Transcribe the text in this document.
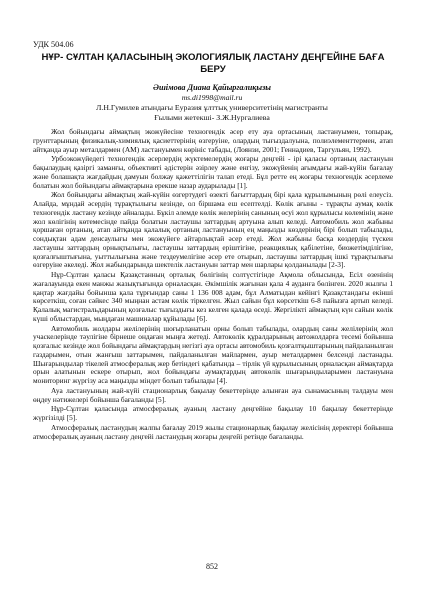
УДК 504.06
НҰР- СҰЛТАН ҚАЛАСЫНЫҢ ЭКОЛОГИЯЛЫҚ ЛАСТАНУ ДЕҢГЕЙІНЕ БАҒА БЕРУ
Әшімова Диана Қайыргалиқызы
ms.di1998@mail.ru
Л.Н.Гумилев атындағы Еуразия ұлттық университетінің магистранты
Ғылыми жетекші- З.Ж.Нургалиева

Жол бойындағы аймақтың экожүйесіне техногендік әсер ету ауа ортасының ластануымен, топырақ, грунттарының физикалық-химиялық қасиеттерінің өзгеруіне, олардың тығыздалуына, полиэлементтермен, атап айтқанда ауыр металдармен (АМ) ластануымен көрініс табады, (Лоянзи, 2001; Геннадиев, Таргульян, 1992).

Урбоэкожүйедегі техногендік әсерлердің жүктемелердің жоғары деңгейі - ірі қаласы ортаның ластануын бақылаудың қазіргі заманғы, объективті әдістерін әзірлеу және енгізу, экожүйенің ағымдағы жай-күйін бағалау және болашақта жағдайдың дамуын болжау қажеттілігін талап етеді. Бұл ретте ең жоғары техногендік әсерлеме болатын жол бойындағы аймақтарына ерекше назар аударылады [1].

Жол бойындағы аймақтың жай-күйін өзгертудегі өзекті бағыттардың бірі қала құрылымының рөлі елеусіз. Алайда, мұндай әсердің тұрақтылығы кезінде, ол біршама еш есептелді. Көлік ағыны - тұрақты аумақ көлік техногендік ластану кезінде айналады. Бұкіл әлемде көлік желерінің санының өсуі жол құрылысы көлемінің және жол көлігінің көтемесінде пайда болатын ластаушы заттардың артуына алып келеді. Автомобиль жол жабыны қоршаған ортаның, атап айтқанда қалалық ортаның ластануының ең маңызды көздерінің бірі болып табылады, сондықтан адам денсаулығы мен экожүйеге айтарлықтай әсер етеді. Жол жабыны басқа көздердің түскен ластаушы заттардың орнықтылығы, ластаушы заттардың еріштігіне, реакциялық қабілетіне, биожетімділігіне, қозғалғыштығына, уыттылығына және тездеумелігіне әсер ете отырып, ластаушы заттардың ішкі тұрақтылығы өзгеруіне әкеледі. Жол жабындарында шектелік ластануын заттар мен шарлары қолданылады [2-3].

Нұр-Сұлтан қаласы Қазақстанның орталық бөлігінің солтүстігінде Ақмола облысында, Есіл өзенінің жағалауында екен манжы жазықтығында орналасқан. Әкімшілік жағынан қала 4 ауданға бөлінген. 2020 жылғы 1 қаңтар жағдайы бойынша қала тұрғындар саны 1 136 008 адам, бұл Алматыдан кейінгі Қазақстандағы екінші көрсеткіш, соған сәйкес 340 мыңнан астам көлік тіркелген. Жыл сайын бұл көрсеткіш 6-8 пайызға артып келеді. Қалалық магистральдарының қозғалыс тығыздығы кез келген қалада өседі. Жергілікті аймақтың күн сайын көлік күші облыстардан, мыңдаған машиналар құйылады [6].

Автомобиль жолдары желілерінің шоғырланатын орны болып табылады, олардың саны желілерінің жол учаскелерінде тәулігіне бірнеше ондаған мыңға жетеді. Автокөлік құралдарының автожолдарға тесемі бойынша қозғалыс кезінде жол бойындағы аймақтардың негізгі ауа ортасы автомобиль қозғалтқыштарының пайдаланылған газдарымен, отын жанғыш заттарымен, пайдаланылған майлармен, ауыр металдармен белсенді ластанады. Шығарындылар тікелей атмосфералық жер бетіндегі қабатында – тірлік үй құрылысының орналасқан аймақтарда орын алатынын ескере отырып, жол бойындағы аумақтардың автокөлік шығарындыларымен ластануына мониторинг жүргізу аса маңызды міндет болып табылады [4].

Ауа ластануының жай-күйі стационарлық бақылау бекеттерінде алынған ауа сынамасының талдауы мен өңдеу нәтижелері бойынша бағаланды [5].

Нұр-Сұлтан қаласында атмосфералық ауаның ластану деңгейіне бақылау 10 бақылау бекеттерінде жүргізілді [5].

Атмосфералық ластанудың жалпы бағалау 2019 жылы стационарлық бақылау желісінің деректері бойынша атмосфералық ауаның ластану деңгейі ластанудың жоғары деңгейі ретінде бағаланды.

852
